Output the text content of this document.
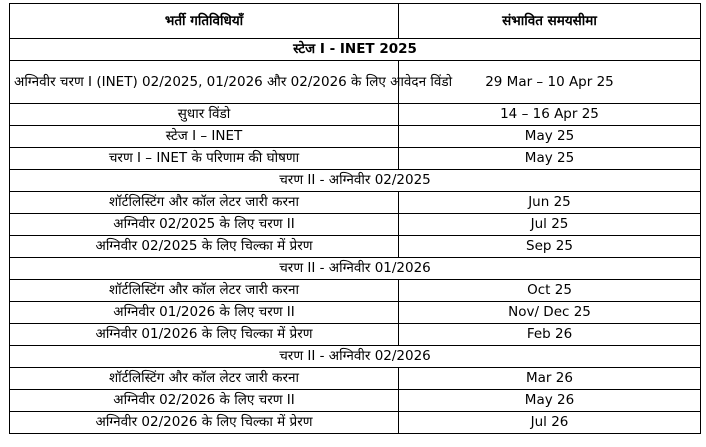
भर्ती गतिविधियाँ	संभावित समयसीमा
स्टेज I - INET 2025	
अग्निवीर चरण I (INET) 02/2025, 01/2026 और 02/2026 के लिए आवेदन विंडो	29 Mar – 10 Apr 25
सुधार विंडो	14 – 16 Apr 25
स्टेज I – INET	May 25
चरण I – INET के परिणाम की घोषणा	May 25
चरण II - अग्निवीर 02/2025	
शॉर्टलिस्टिंग और कॉल लेटर जारी करना	Jun 25
अग्निवीर 02/2025 के लिए चरण II	Jul 25
अग्निवीर 02/2025 के लिए चिल्का में प्रेरण	Sep 25
चरण II - अग्निवीर 01/2026	
शॉर्टलिस्टिंग और कॉल लेटर जारी करना	Oct 25
अग्निवीर 01/2026 के लिए चरण II	Nov/ Dec 25
अग्निवीर 01/2026 के लिए चिल्का में प्रेरण	Feb 26
चरण II - अग्निवीर 02/2026	
शॉर्टलिस्टिंग और कॉल लेटर जारी करना	Mar 26
अग्निवीर 02/2026 के लिए चरण II	May 26
अग्निवीर 02/2026 के लिए चिल्का में प्रेरण	Jul 26
